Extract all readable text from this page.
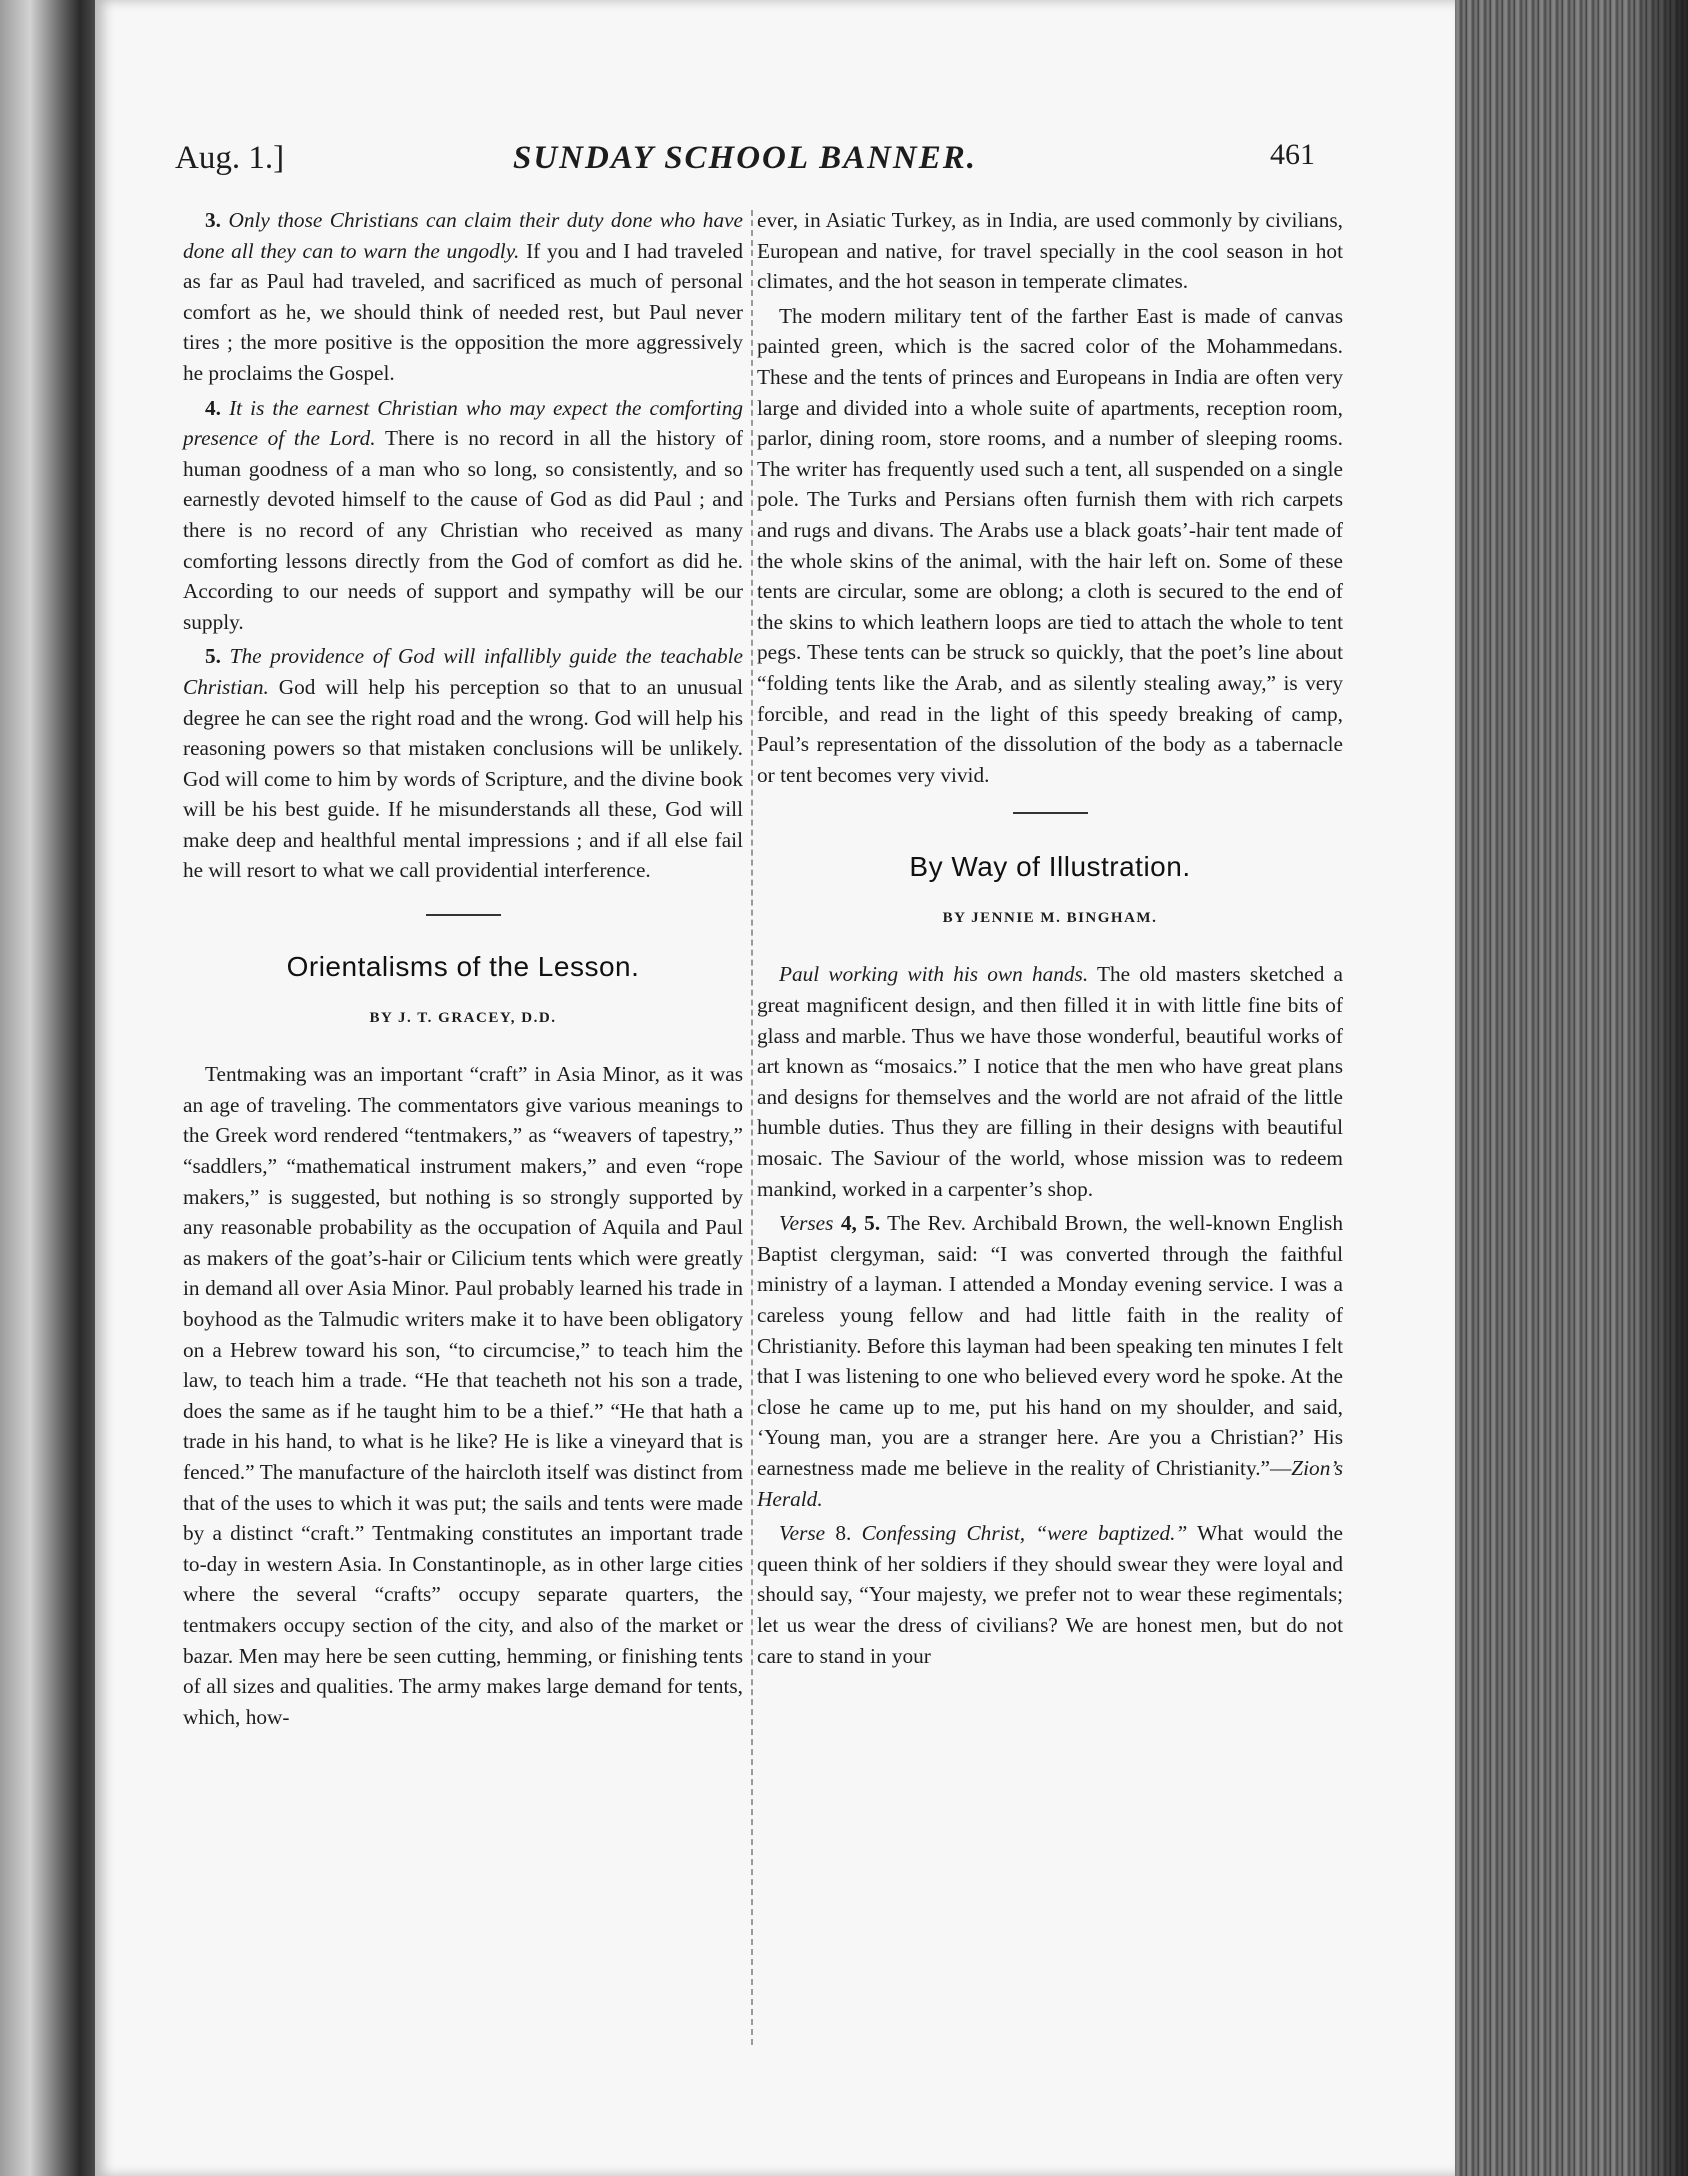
Aug. 1.]	SUNDAY SCHOOL BANNER.	461

3. Only those Christians can claim their duty done who have done all they can to warn the ungodly. If you and I had traveled as far as Paul had traveled, and sacrificed as much of personal comfort as he, we should think of needed rest, but Paul never tires ; the more positive is the opposition the more aggressively he proclaims the Gospel.

4. It is the earnest Christian who may expect the comforting presence of the Lord. There is no record in all the history of human goodness of a man who so long, so consistently, and so earnestly devoted himself to the cause of God as did Paul ; and there is no record of any Christian who received as many comforting lessons directly from the God of comfort as did he. According to our needs of support and sympathy will be our supply.

5. The providence of God will infallibly guide the teachable Christian. God will help his perception so that to an unusual degree he can see the right road and the wrong. God will help his reasoning powers so that mistaken conclusions will be unlikely. God will come to him by words of Scripture, and the divine book will be his best guide. If he misunderstands all these, God will make deep and healthful mental impressions ; and if all else fail he will resort to what we call providential interference.

Orientalisms of the Lesson.
BY J. T. GRACEY, D.D.

Tentmaking was an important “craft” in Asia Minor, as it was an age of traveling. The commentators give various meanings to the Greek word rendered “tentmakers,” as “weavers of tapestry,” “saddlers,” “mathematical instrument makers,” and even “rope makers,” is suggested, but nothing is so strongly supported by any reasonable probability as the occupation of Aquila and Paul as makers of the goat’s-hair or Cilicium tents which were greatly in demand all over Asia Minor. Paul probably learned his trade in boyhood as the Talmudic writers make it to have been obligatory on a Hebrew toward his son, “to circumcise,” to teach him the law, to teach him a trade. “He that teacheth not his son a trade, does the same as if he taught him to be a thief.” “He that hath a trade in his hand, to what is he like? He is like a vineyard that is fenced.” The manufacture of the haircloth itself was distinct from that of the uses to which it was put; the sails and tents were made by a distinct “craft.” Tentmaking constitutes an important trade to-day in western Asia. In Constantinople, as in other large cities where the several “crafts” occupy separate quarters, the tentmakers occupy section of the city, and also of the market or bazar. Men may here be seen cutting, hemming, or finishing tents of all sizes and qualities. The army makes large demand for tents, which, how-

ever, in Asiatic Turkey, as in India, are used commonly by civilians, European and native, for travel specially in the cool season in hot climates, and the hot season in temperate climates.

The modern military tent of the farther East is made of canvas painted green, which is the sacred color of the Mohammedans. These and the tents of princes and Europeans in India are often very large and divided into a whole suite of apartments, reception room, parlor, dining room, store rooms, and a number of sleeping rooms. The writer has frequently used such a tent, all suspended on a single pole. The Turks and Persians often furnish them with rich carpets and rugs and divans. The Arabs use a black goats’-hair tent made of the whole skins of the animal, with the hair left on. Some of these tents are circular, some are oblong; a cloth is secured to the end of the skins to which leathern loops are tied to attach the whole to tent pegs. These tents can be struck so quickly, that the poet’s line about “folding tents like the Arab, and as silently stealing away,” is very forcible, and read in the light of this speedy breaking of camp, Paul’s representation of the dissolution of the body as a tabernacle or tent becomes very vivid.

By Way of Illustration.
BY JENNIE M. BINGHAM.

Paul working with his own hands. The old masters sketched a great magnificent design, and then filled it in with little fine bits of glass and marble. Thus we have those wonderful, beautiful works of art known as “mosaics.” I notice that the men who have great plans and designs for themselves and the world are not afraid of the little humble duties. Thus they are filling in their designs with beautiful mosaic. The Saviour of the world, whose mission was to redeem mankind, worked in a carpenter’s shop.

Verses 4, 5. The Rev. Archibald Brown, the well-known English Baptist clergyman, said: “I was converted through the faithful ministry of a layman. I attended a Monday evening service. I was a careless young fellow and had little faith in the reality of Christianity. Before this layman had been speaking ten minutes I felt that I was listening to one who believed every word he spoke. At the close he came up to me, put his hand on my shoulder, and said, ‘Young man, you are a stranger here. Are you a Christian?’ His earnestness made me believe in the reality of Christianity.”—Zion’s Herald.

Verse 8. Confessing Christ, “were baptized.” What would the queen think of her soldiers if they should swear they were loyal and should say, “Your majesty, we prefer not to wear these regimentals; let us wear the dress of civilians? We are honest men, but do not care to stand in your
